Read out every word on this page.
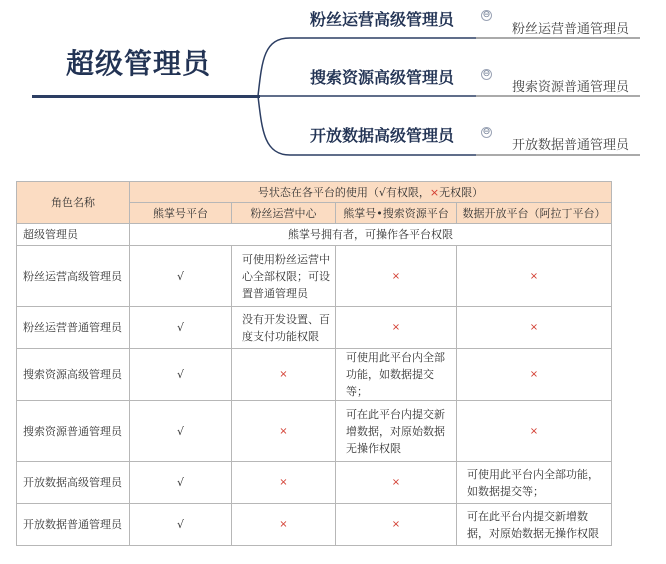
超级管理员
粉丝运营高级管理员	⊖
粉丝运营普通管理员
搜索资源高级管理员	⊖
搜索资源普通管理员
开放数据高级管理员	⊖
开放数据普通管理员
角色名称	号状态在各平台的使用（√有权限，×无权限）			
	熊掌号平台	粉丝运营中心	熊掌号•搜索资源平台	数据开放平台（阿拉丁平台）
超级管理员	熊掌号拥有者，可操作各平台权限			
粉丝运营高级管理员	√	可使用粉丝运营中心全部权限；可设置普通管理员	×	×
粉丝运营普通管理员	√	没有开发设置、百度支付功能权限	×	×
搜索资源高级管理员	√	×	可使用此平台内全部功能，如数据提交等；	×
搜索资源普通管理员	√	×	可在此平台内提交新增数据，对原始数据无操作权限	×
开放数据高级管理员	√	×	×	可使用此平台内全部功能，如数据提交等；
开放数据普通管理员	√	×	×	可在此平台内提交新增数据，对原始数据无操作权限
